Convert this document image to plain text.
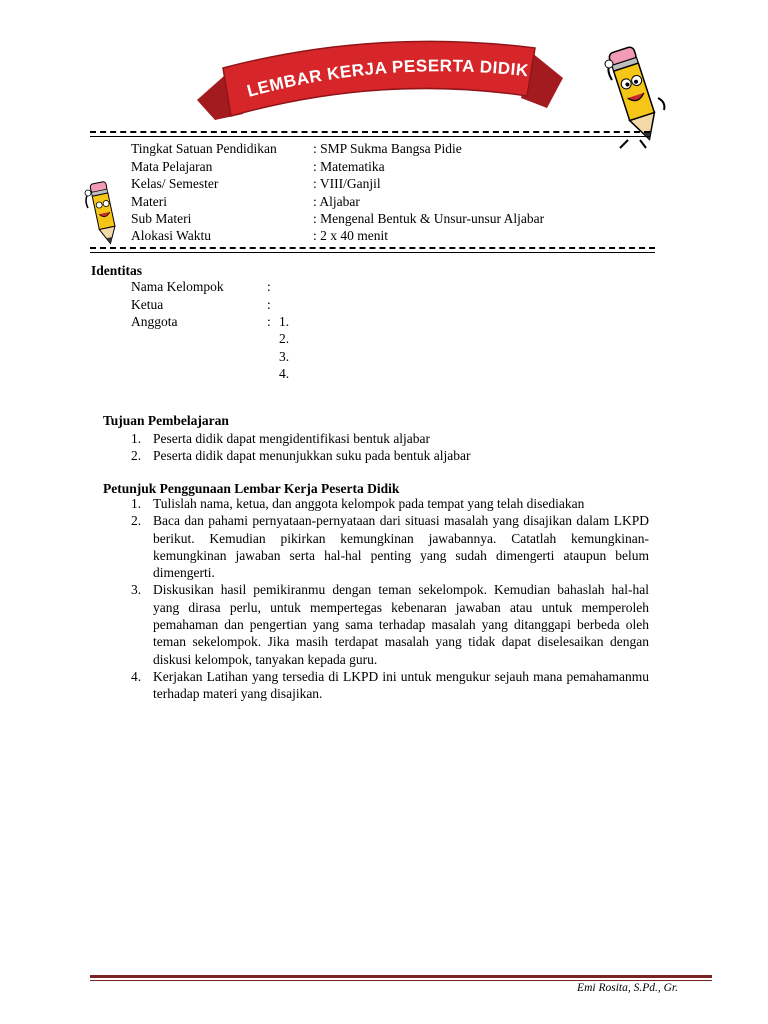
LEMBAR KERJA PESERTA DIDIK
Tingkat Satuan Pendidikan	: SMP Sukma Bangsa Pidie
Mata Pelajaran	: Matematika
Kelas/ Semester	: VIII/Ganjil
Materi	: Aljabar
Sub Materi	: Mengenal Bentuk & Unsur-unsur Aljabar
Alokasi Waktu	: 2 x 40 menit
Identitas
Nama Kelompok	:
Ketua	:
Anggota	: 1.
2.
3.
4.
Tujuan Pembelajaran
1. Peserta didik dapat mengidentifikasi bentuk aljabar
2. Peserta didik dapat menunjukkan suku pada bentuk aljabar
Petunjuk Penggunaan Lembar Kerja Peserta Didik
1. Tulislah nama, ketua, dan anggota kelompok pada tempat yang telah disediakan
2. Baca dan pahami pernyataan-pernyataan dari situasi masalah yang disajikan dalam LKPD berikut. Kemudian pikirkan kemungkinan jawabannya. Catatlah kemungkinan-kemungkinan jawaban serta hal-hal penting yang sudah dimengerti ataupun belum dimengerti.
3. Diskusikan hasil pemikiranmu dengan teman sekelompok. Kemudian bahaslah hal-hal yang dirasa perlu, untuk mempertegas kebenaran jawaban atau untuk memperoleh pemahaman dan pengertian yang sama terhadap masalah yang ditanggapi berbeda oleh teman sekelompok. Jika masih terdapat masalah yang tidak dapat diselesaikan dengan diskusi kelompok, tanyakan kepada guru.
4. Kerjakan Latihan yang tersedia di LKPD ini untuk mengukur sejauh mana pemahamanmu terhadap materi yang disajikan.
Emi Rosita, S.Pd., Gr.
